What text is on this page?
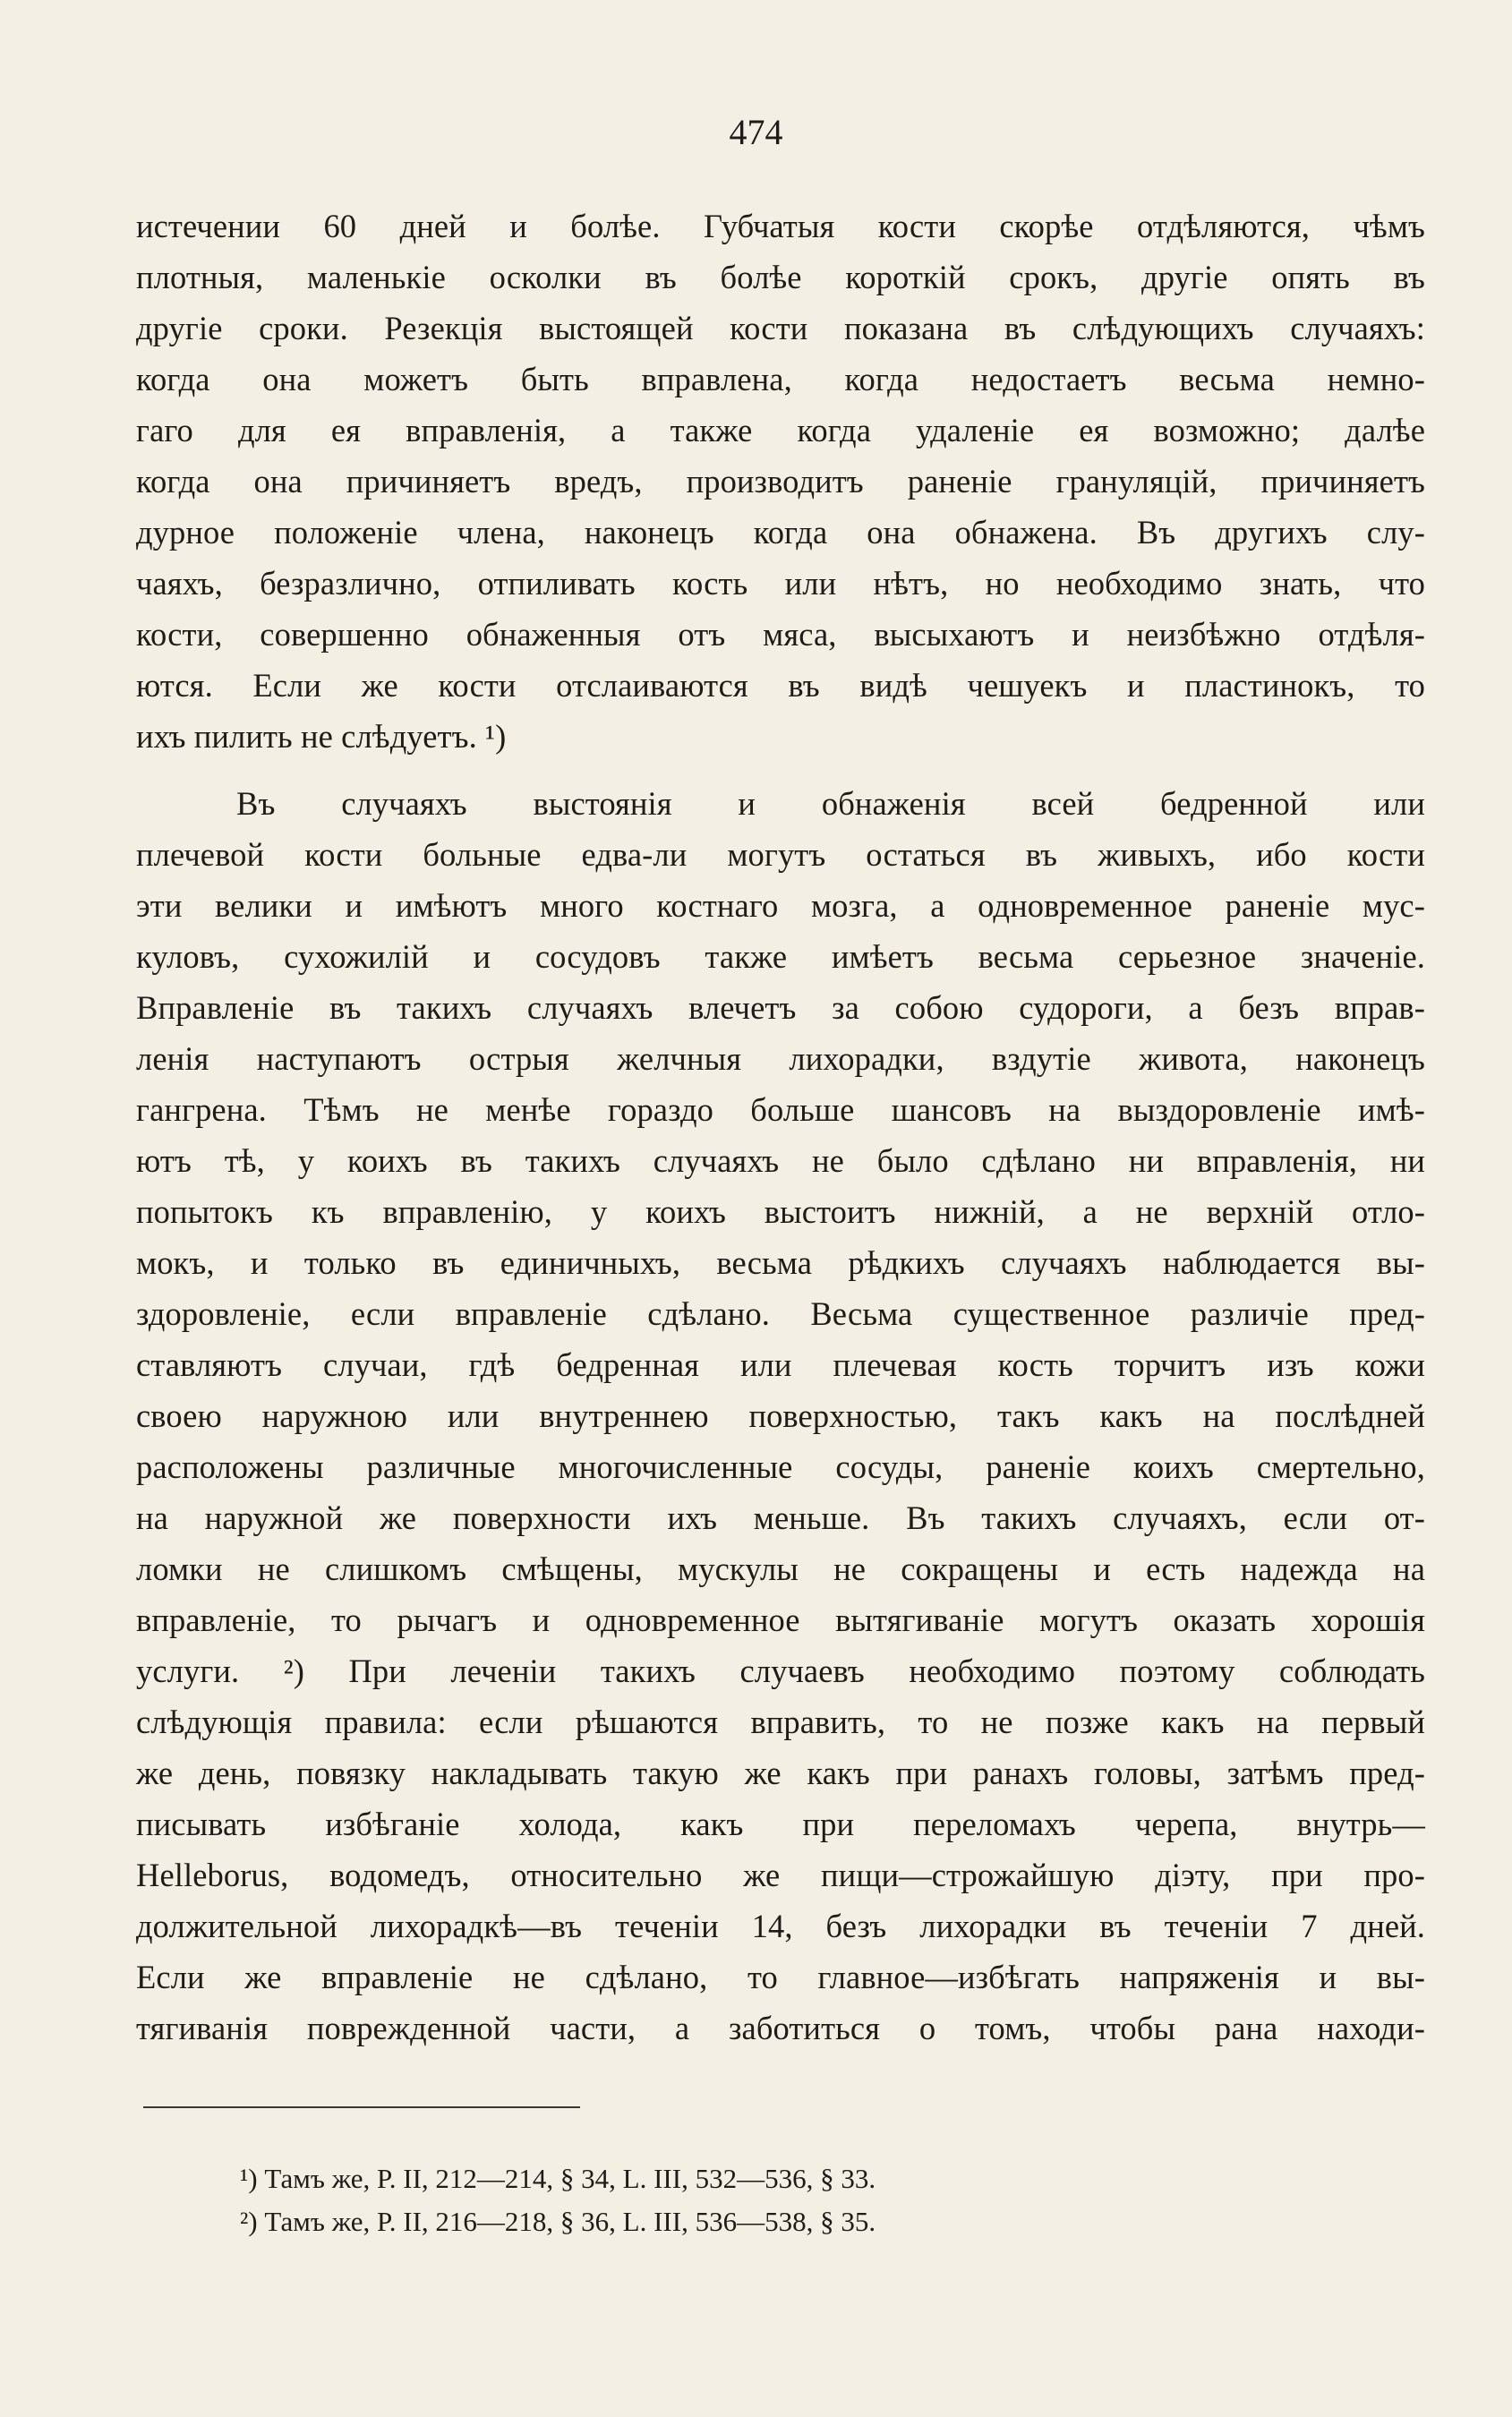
474
истечении 60 дней и болѣе. Губчатыя кости скорѣе отдѣляются, чѣмъ
плотныя, маленькіе осколки въ болѣе короткій срокъ, другіе опять въ
другіе сроки. Резекція выстоящей кости показана въ слѣдующихъ случаяхъ:
когда она можетъ быть вправлена, когда недостаетъ весьма немно-
гаго для ея вправленія, а также когда удаленіе ея возможно; далѣе
когда она причиняетъ вредъ, производитъ раненіе грануляцій, причиняетъ
дурное положеніе члена, наконецъ когда она обнажена. Въ другихъ слу-
чаяхъ, безразлично, отпиливать кость или нѣтъ, но необходимо знать, что
кости, совершенно обнаженныя отъ мяса, высыхаютъ и неизбѣжно отдѣля-
ются. Если же кости отслаиваются въ видѣ чешуекъ и пластинокъ, то
ихъ пилить не слѣдуетъ. ¹)
Въ случаяхъ выстоянія и обнаженія всей бедренной или
плечевой кости больные едва-ли могутъ остаться въ живыхъ, ибо кости
эти велики и имѣютъ много костнаго мозга, а одновременное раненіе мус-
куловъ, сухожилій и сосудовъ также имѣетъ весьма серьезное значеніе.
Вправленіе въ такихъ случаяхъ влечетъ за собою судороги, а безъ вправ-
ленія наступаютъ острыя желчныя лихорадки, вздутіе живота, наконецъ
гангрена. Тѣмъ не менѣе гораздо больше шансовъ на выздоровленіе имѣ-
ютъ тѣ, у коихъ въ такихъ случаяхъ не было сдѣлано ни вправленія, ни
попытокъ къ вправленію, у коихъ выстоитъ нижній, а не верхній отло-
мокъ, и только въ единичныхъ, весьма рѣдкихъ случаяхъ наблюдается вы-
здоровленіе, если вправленіе сдѣлано. Весьма существенное различіе пред-
ставляютъ случаи, гдѣ бедренная или плечевая кость торчитъ изъ кожи
своею наружною или внутреннею поверхностью, такъ какъ на послѣдней
расположены различные многочисленные сосуды, раненіе коихъ смертельно,
на наружной же поверхности ихъ меньше. Въ такихъ случаяхъ, если от-
ломки не слишкомъ смѣщены, мускулы не сокращены и есть надежда на
вправленіе, то рычагъ и одновременное вытягиваніе могутъ оказать хорошія
услуги. ²) При леченіи такихъ случаевъ необходимо поэтому соблюдать
слѣдующія правила: если рѣшаются вправить, то не позже какъ на первый
же день, повязку накладывать такую же какъ при ранахъ головы, затѣмъ пред-
писывать избѣганіе холода, какъ при переломахъ черепа, внутрь—
Helleborus, водомедъ, относительно же пищи—строжайшую діэту, при про-
должительной лихорадкѣ—въ теченіи 14, безъ лихорадки въ теченіи 7 дней.
Если же вправленіе не сдѣлано, то главное—избѣгать напряженія и вы-
тягиванія поврежденной части, а заботиться о томъ, чтобы рана находи-
¹) Тамъ же, P. II, 212—214, § 34, L. III, 532—536, § 33.
²) Тамъ же, P. II, 216—218, § 36, L. III, 536—538, § 35.
